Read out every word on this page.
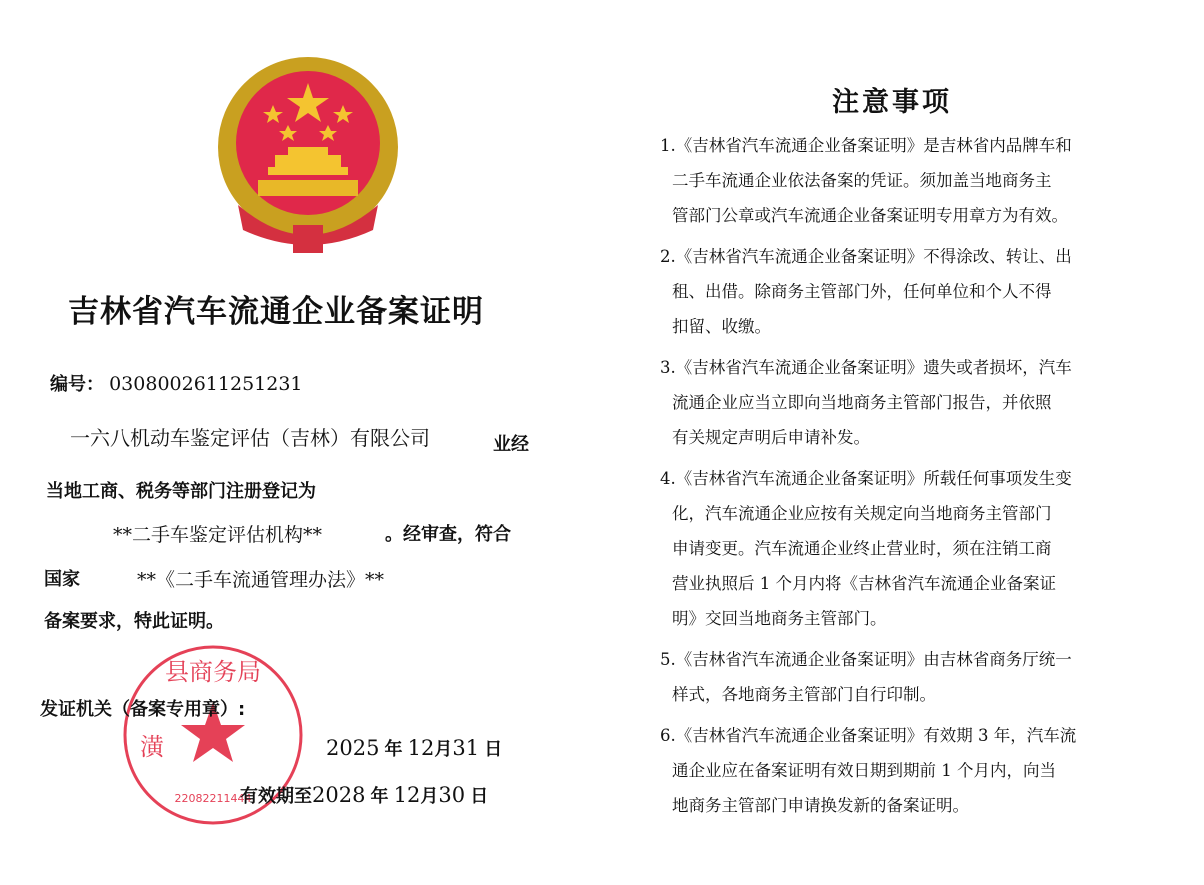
吉林省汽车流通企业备案证明
编号： 0308002611251231
一六八机动车鉴定评估（吉林）有限公司	业经
当地工商、税务等部门注册登记为
**二手车鉴定评估机构**	。经审查，符合
国家	**《二手车流通管理办法》**
备案要求，特此证明。
县商务局
潢
22082211444
发证机关（备案专用章）:
2025 年 12月31 日
有效期至2028 年 12月30 日
注意事项
1.《吉林省汽车流通企业备案证明》是吉林省内品牌车和
二手车流通企业依法备案的凭证。须加盖当地商务主
管部门公章或汽车流通企业备案证明专用章方为有效。
2.《吉林省汽车流通企业备案证明》不得涂改、转让、出
租、出借。除商务主管部门外，任何单位和个人不得
扣留、收缴。
3.《吉林省汽车流通企业备案证明》遗失或者损坏，汽车
流通企业应当立即向当地商务主管部门报告，并依照
有关规定声明后申请补发。
4.《吉林省汽车流通企业备案证明》所载任何事项发生变
化，汽车流通企业应按有关规定向当地商务主管部门
申请变更。汽车流通企业终止营业时，须在注销工商
营业执照后 1 个月内将《吉林省汽车流通企业备案证
明》交回当地商务主管部门。
5.《吉林省汽车流通企业备案证明》由吉林省商务厅统一
样式，各地商务主管部门自行印制。
6.《吉林省汽车流通企业备案证明》有效期 3 年，汽车流
通企业应在备案证明有效日期到期前 1 个月内，向当
地商务主管部门申请换发新的备案证明。
